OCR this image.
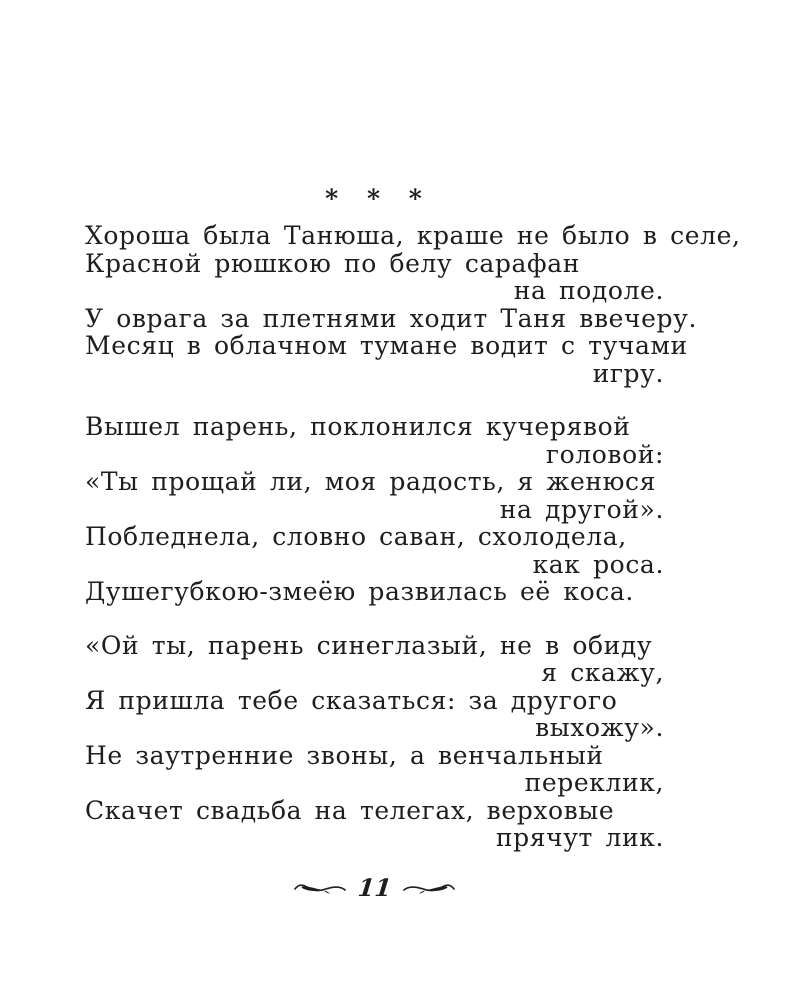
* * *
Хороша была Танюша, краше не было в селе,
Красной рюшкою по белу сарафан
на подоле.
У оврага за плетнями ходит Таня ввечеру.
Месяц в облачном тумане водит с тучами
игру.
Вышел парень, поклонился кучерявой
головой:
«Ты прощай ли, моя радость, я женюся
на другой».
Побледнела, словно саван, схолодела,
как роса.
Душегубкою-змеёю развилась её коса.
«Ой ты, парень синеглазый, не в обиду
я скажу,
Я пришла тебе сказаться: за другого
выхожу».
Не заутренние звоны, а венчальный
переклик,
Скачет свадьба на телегах, верховые
прячут лик.
11
